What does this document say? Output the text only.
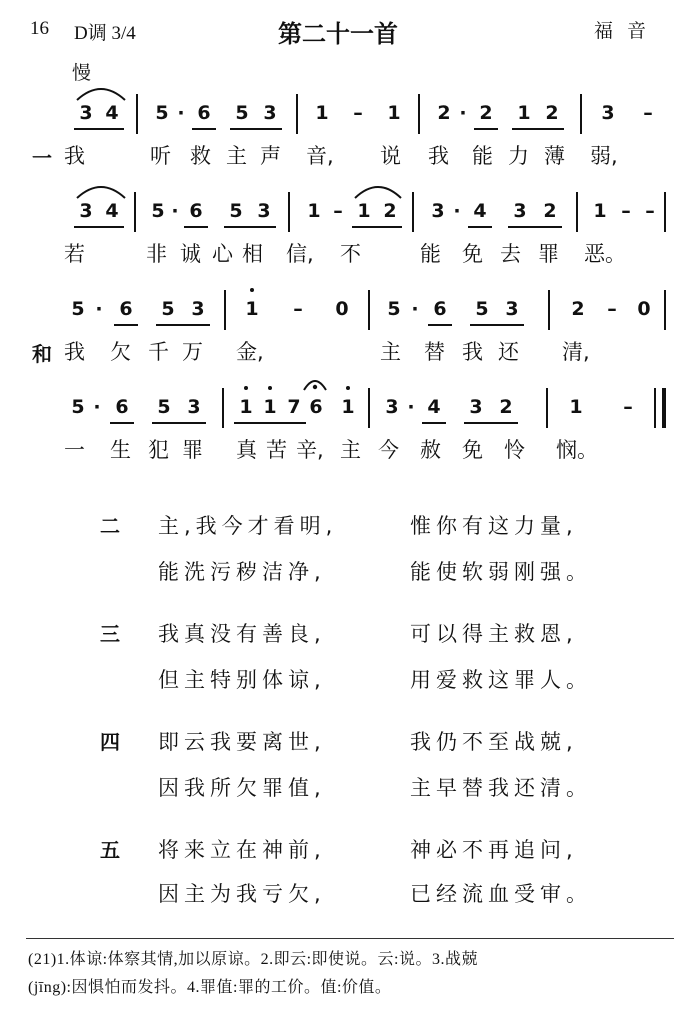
16 D调 3/4	第二十一首	福音
慢
3 4 5 · 6 5 3 1	–	1 2 · 2 1 2 3	–
一 我	听 救 主 声 音, 说 我 能 力 薄 弱,
3 4 5 · 6 5 3 1 – 1 2 3 · 4 3 2 1 – –
若	非 诚 心 相 信, 不	能 免 去 罪 恶。
5 · 6 5 3 1	–	0 5 · 6 5 3	2	–	0
和 我 欠 千 万 金,	主 替 我 还 清,
5 · 6 5 3 1 1 7 6 1 3 · 4 3 2	1	–
一 生 犯 罪 真 苦 辛, 主 今 赦 免 怜 悯。
二 主,我今才看明,	惟你有这力量,
能洗污秽洁净,	能使软弱刚强。
三 我真没有善良,	可以得主救恩,
但主特别体谅,	用爱救这罪人。
四 即云我要离世,	我仍不至战兢,
因我所欠罪值,	主早替我还清。
五 将来立在神前,	神必不再追问,
因主为我亏欠,	已经流血受审。
(21)1.体谅:体察其情,加以原谅。2.即云:即使说。云:说。3.战兢
(jīng):因惧怕而发抖。4.罪值:罪的工价。值:价值。
